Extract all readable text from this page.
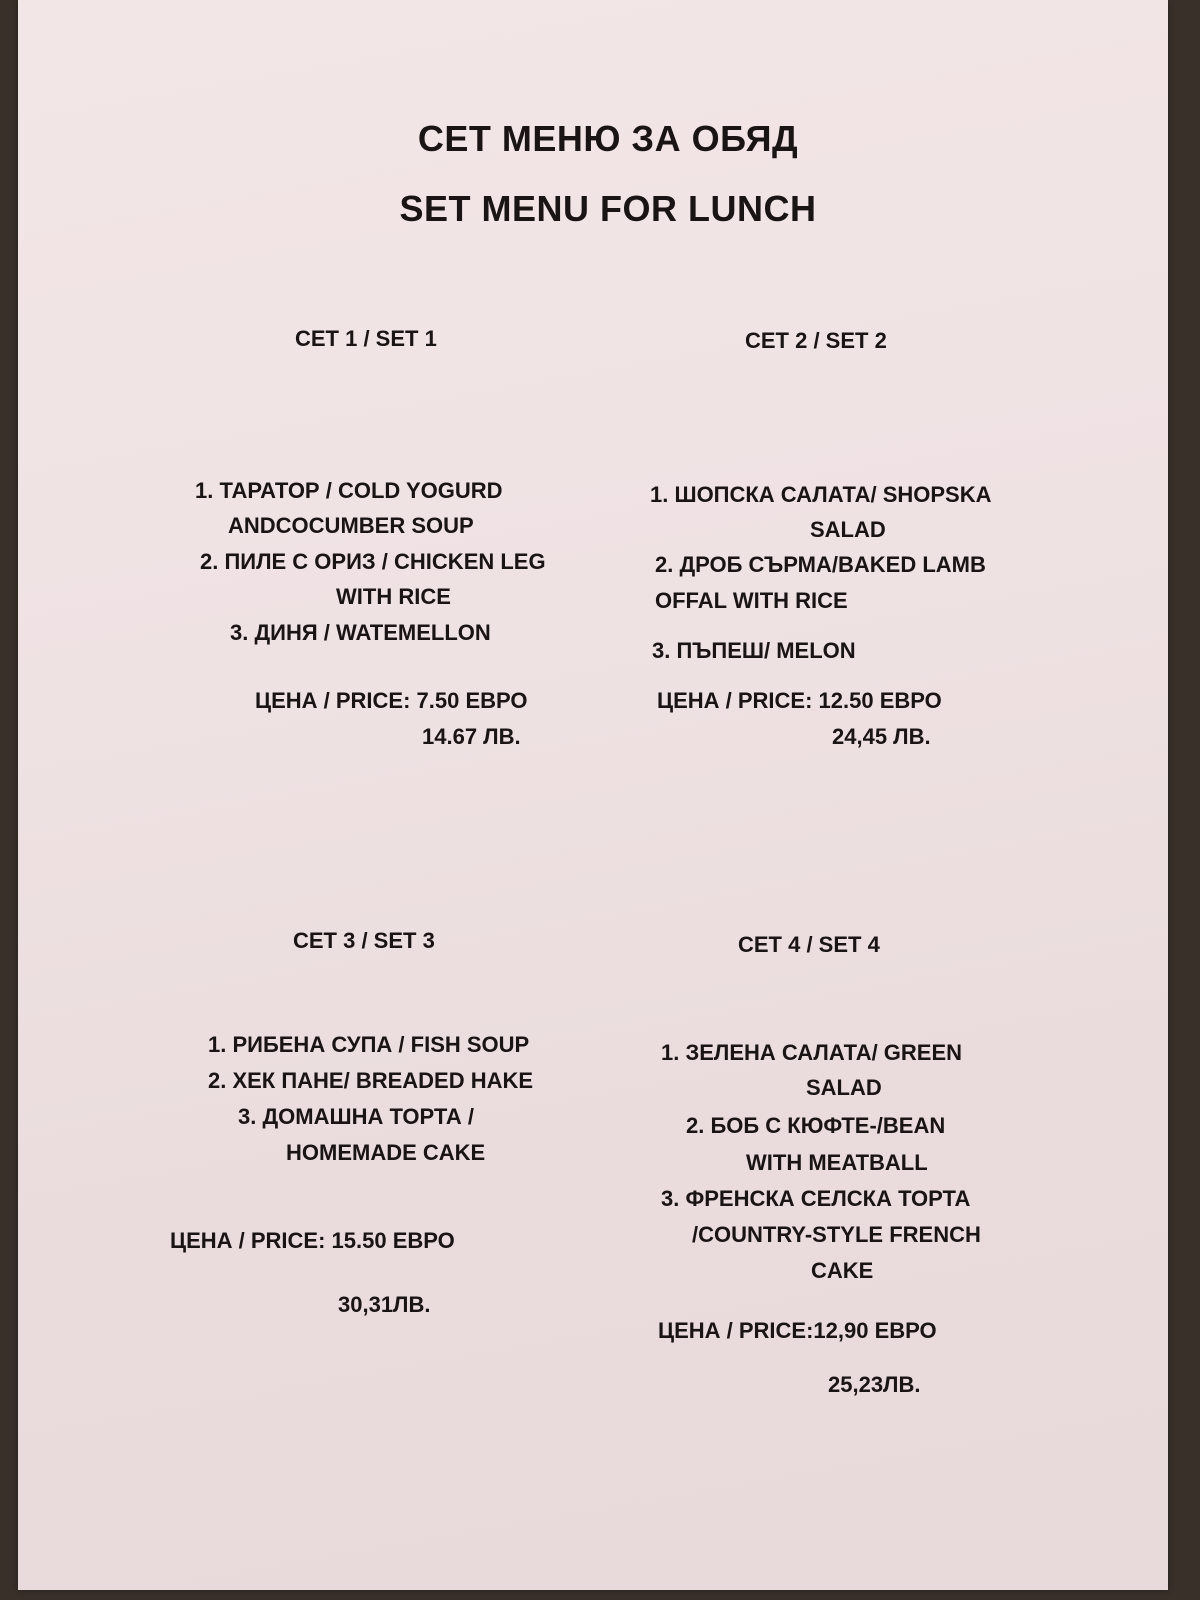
СЕТ МЕНЮ ЗА ОБЯД
SET MENU FOR LUNCH
СЕТ 1 / SET 1
1. ТАРАТОР / COLD YOGURD
ANDCOCUMBER SOUP
2. ПИЛЕ С ОРИЗ / CHICKEN LEG
WITH RICE
3. ДИНЯ / WATEMELLON
ЦЕНА / PRICE: 7.50 ЕВРО
14.67 ЛВ.
СЕТ 2 / SET 2
1. ШОПСКА САЛАТА/ SHOPSKA
SALAD
2. ДРОБ СЪРМА/BAKED LAMB
OFFAL WITH RICE
3. ПЪПЕШ/ MELON
ЦЕНА / PRICE: 12.50 ЕВРО
24,45 ЛВ.
СЕТ 3 / SET 3
1. РИБЕНА СУПА / FISH SOUP
2. ХЕК ПАНЕ/ BREADED HAKE
3. ДОМАШНА ТОРТА /
HOMEMADE CAKE
ЦЕНА / PRICE: 15.50 ЕВРО
30,31ЛВ.
СЕТ 4 / SET 4
1. ЗЕЛЕНА САЛАТА/ GREEN
SALAD
2. БОБ С КЮФТЕ-/BEAN
WITH MEATBALL
3. ФРЕНСКА СЕЛСКА ТОРТА
/COUNTRY-STYLE FRENCH
CAKE
ЦЕНА / PRICE:12,90 ЕВРО
25,23ЛВ.
